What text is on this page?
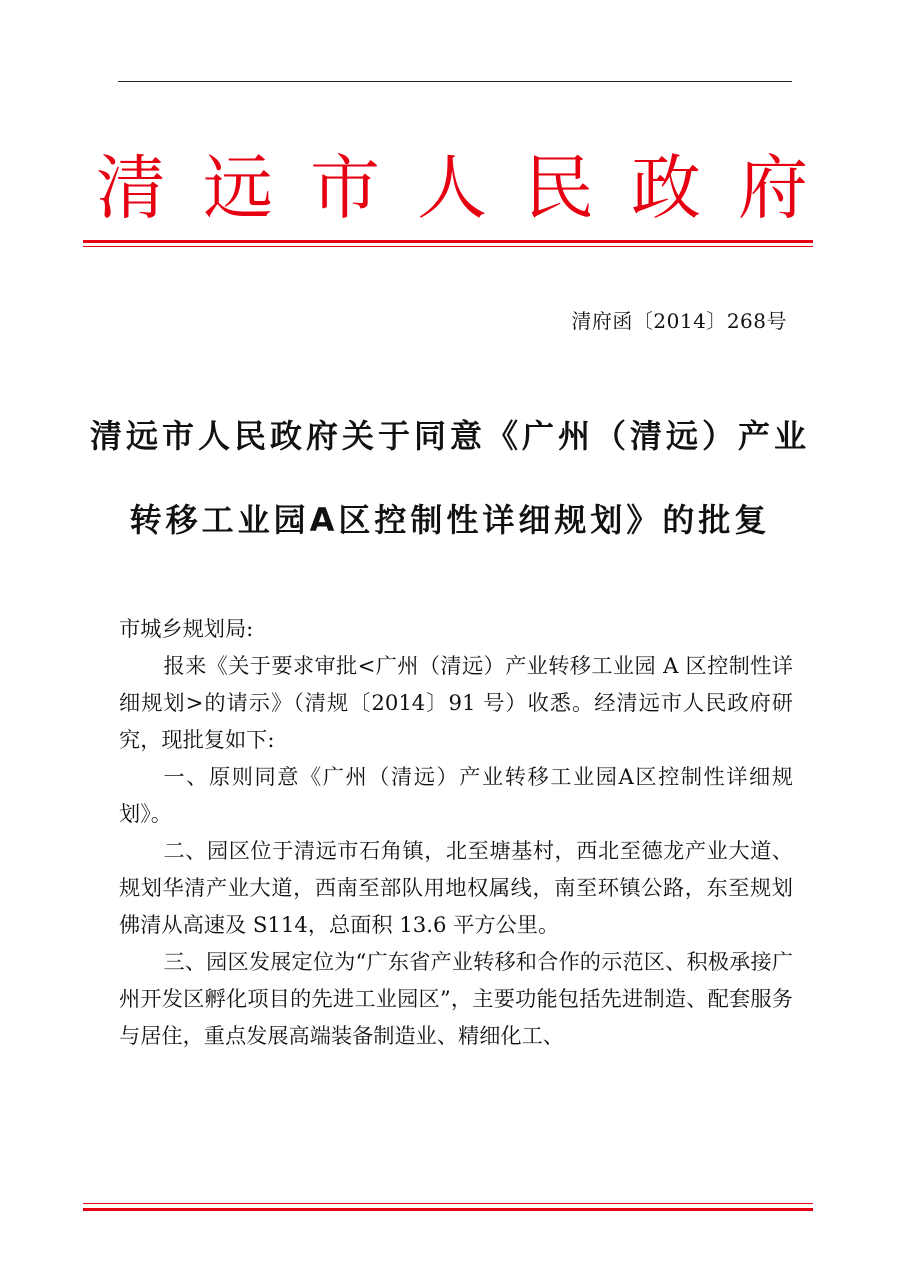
清 远 市 人 民 政 府
清府函〔2014〕268号
清远市人民政府关于同意《广州（清远）产业
转移工业园A区控制性详细规划》的批复

市城乡规划局:

报来《关于要求审批<广州（清远）产业转移工业园 A 区控制性详细规划>的请示》（清规〔2014〕91 号）收悉。经清远市人民政府研究，现批复如下:

一、原则同意《广州（清远）产业转移工业园A区控制性详细规划》。

二、园区位于清远市石角镇，北至塘基村，西北至德龙产业大道、规划华清产业大道，西南至部队用地权属线，南至环镇公路，东至规划佛清从高速及 S114，总面积 13.6 平方公里。

三、园区发展定位为“广东省产业转移和合作的示范区、积极承接广州开发区孵化项目的先进工业园区”，主要功能包括先进制造、配套服务与居住，重点发展高端装备制造业、精细化工、
